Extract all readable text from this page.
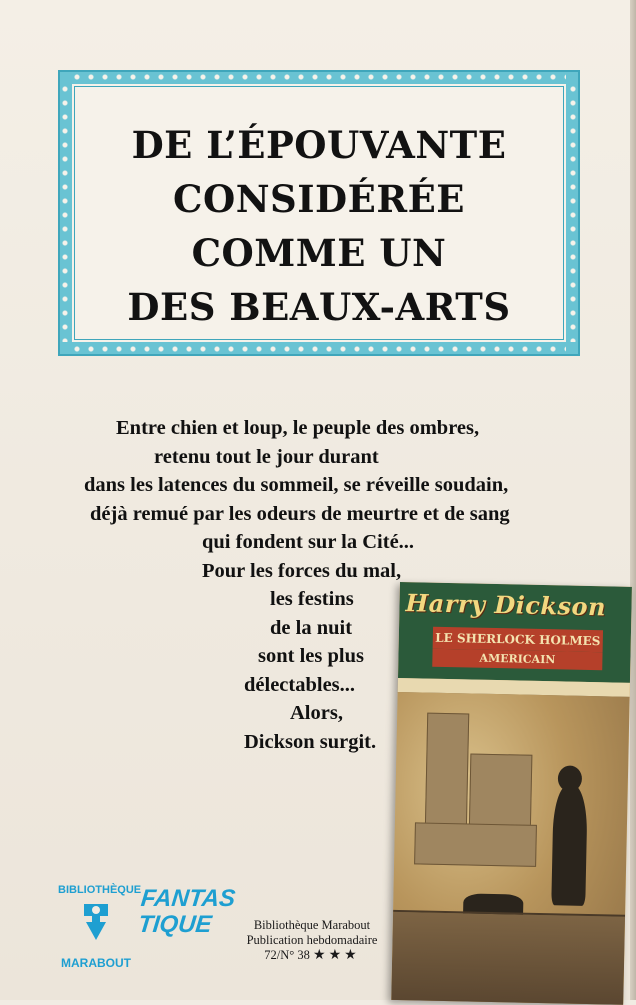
DE L’ÉPOUVANTE
CONSIDÉRÉE
COMME UN
DES BEAUX-ARTS
Entre chien et loup, le peuple des ombres,
retenu tout le jour durant
dans les latences du sommeil, se réveille soudain,
déjà remué par les odeurs de meurtre et de sang
qui fondent sur la Cité...
Pour les forces du mal,
les festins
de la nuit
sont les plus
délectables...
Alors,
Dickson surgit.
Harry Dickson
LE SHERLOCK HOLMES
AMERICAIN
BIBLIOTHÈQUE
MARABOUT
FANTAS
TIQUE	Bibliothèque Marabout
Publication hebdomadaire
72/N° 38 ★★★
